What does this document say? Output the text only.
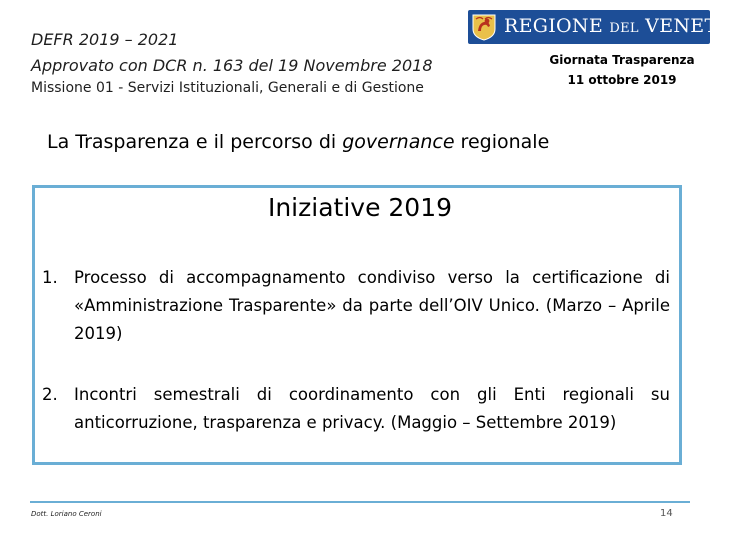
DEFR 2019 – 2021
Approvato con DCR n. 163 del 19 Novembre 2018
Missione 01 - Servizi Istituzionali, Generali e di Gestione
REGIONE DEL VENETO
Giornata Trasparenza
11 ottobre 2019
La Trasparenza e il percorso di governance regionale
Iniziative 2019
1. Processo di accompagnamento condiviso verso la certificazione di «Amministrazione Trasparente» da parte dell’OIV Unico. (Marzo – Aprile 2019)
2. Incontri semestrali di coordinamento con gli Enti regionali su anticorruzione, trasparenza e privacy. (Maggio – Settembre 2019)
Dott. Loriano Ceroni	14
